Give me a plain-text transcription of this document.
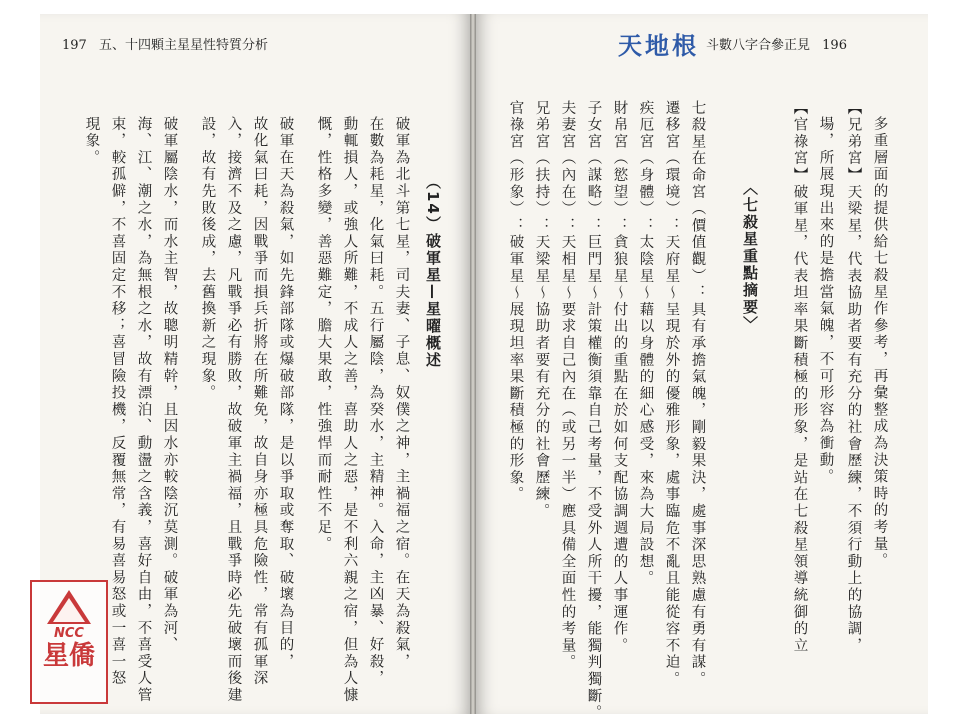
197 五、十四顆主星星性特質分析	天地根 斗數八字合參正見 196
（14）破軍星—星曜概述
破軍為北斗第七星，司夫妻、子息、奴僕之神，主禍福之宿。在天為殺氣，
在數為耗星，化氣曰耗。五行屬陰，為癸水，主精神。入命，主凶暴、好殺，
動輒損人，或強人所難，不成人之善，喜助人之惡，是不利六親之宿，但為人慷
慨，性格多變，善惡難定，膽大果敢，性強悍而耐性不足。
破軍在天為殺氣，如先鋒部隊或爆破部隊，是以爭取或奪取、破壞為目的，
故化氣曰耗，因戰爭而損兵折將在所難免，故自身亦極具危險性，常有孤軍深
入，接濟不及之慮，凡戰爭必有勝敗，故破軍主禍福，且戰爭時必先破壞而後建
設，故有先敗後成，去舊換新之現象。
破軍屬陰水，而水主智，故聰明精幹，且因水亦較陰沉莫測。破軍為河、
海、江、潮之水，為無根之水，故有漂泊、動盪之含義，喜好自由，不喜受人管
束，較孤僻，不喜固定不移；喜冒險投機，反覆無常，有易喜易怒或一喜一怒
現象。	多重層面的提供給七殺星作參考，再彙整成為決策時的考量。
【兄弟宮】天梁星，代表協助者要有充分的社會歷練，不須行動上的協調，
場，所展現出來的是擔當氣魄，不可形容為衝動。
【官祿宮】破軍星，代表坦率果斷積極的形象，是站在七殺星領導統御的立
〈七殺星重點摘要〉
七殺星在命宮（價值觀）：具有承擔氣魄，剛毅果決，處事深思熟慮有勇有謀。
遷移宮（環境）：天府星～呈現於外的優雅形象，處事臨危不亂且能從容不迫。
疾厄宮（身體）：太陰星～藉以身體的細心感受，來為大局設想。
財帛宮（慾望）：貪狼星～付出的重點在於如何支配協調週遭的人事運作。
子女宮（謀略）：巨門星～計策權衡須靠自己考量，不受外人所干擾，能獨判獨斷。
夫妻宮（內在）：天相星～要求自己內在（或另一半）應具備全面性的考量。
兄弟宮（扶持）：天梁星～協助者要有充分的社會歷練。
官祿宮（形象）：破軍星～展現坦率果斷積極的形象。
NCC
星僑
